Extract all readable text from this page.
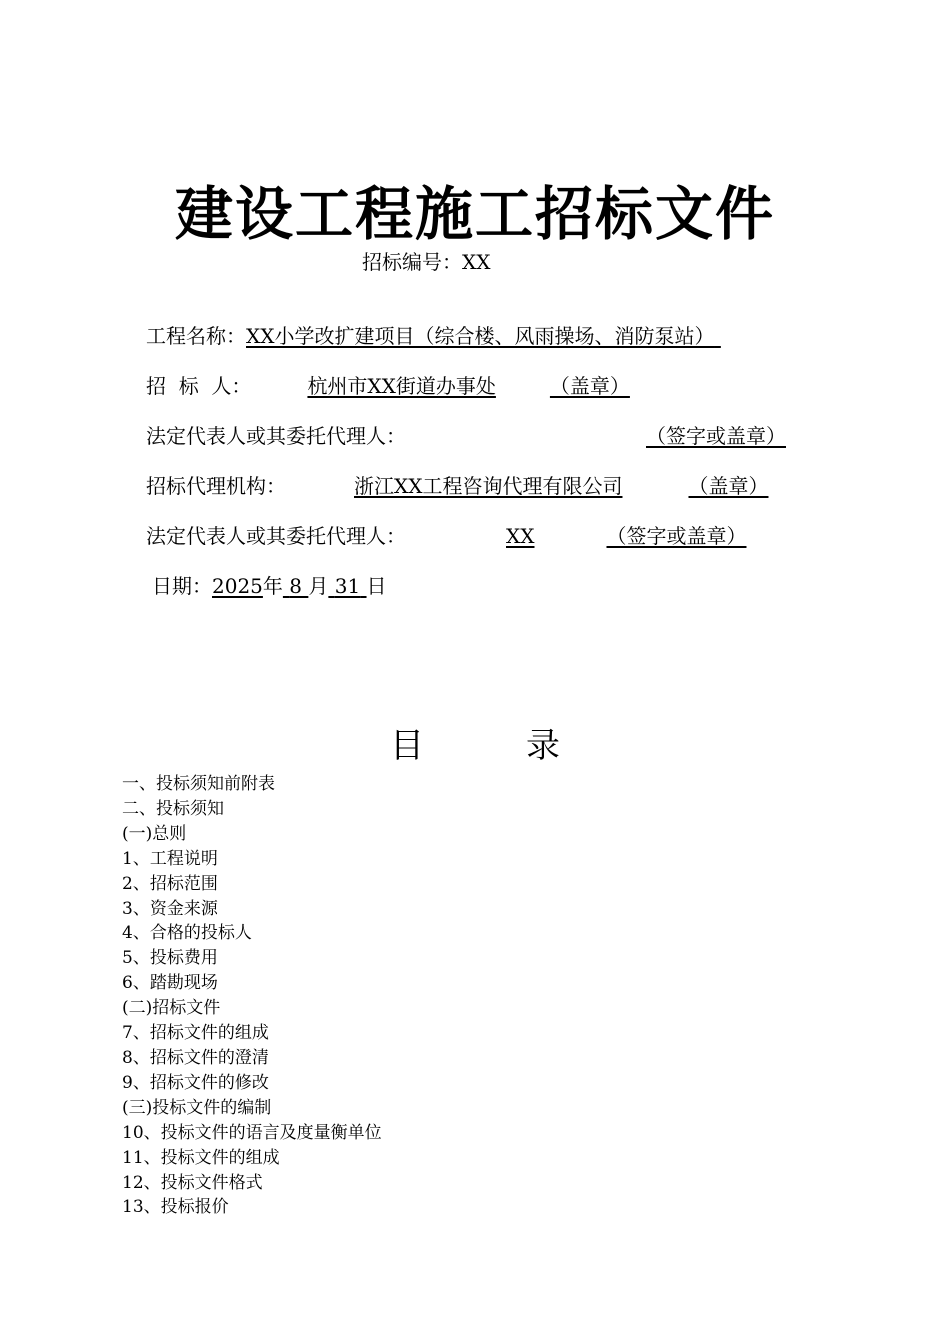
建设工程施工招标文件
招标编号：XX
工程名称：XX小学改扩建项目（综合楼、风雨操场、消防泵站）
招  标  人：	杭州市XX街道办事处	（盖章）
法定代表人或其委托代理人：	（签字或盖章）
招标代理机构：	浙江XX工程咨询代理有限公司	（盖章）
法定代表人或其委托代理人：	XX	（签字或盖章）
日期：2025年 8 月 31 日
目	录
一、投标须知前附表
二、投标须知
(一)总则
1、工程说明
2、招标范围
3、资金来源
4、合格的投标人
5、投标费用
6、踏勘现场
(二)招标文件
7、招标文件的组成
8、招标文件的澄清
9、招标文件的修改
(三)投标文件的编制
10、投标文件的语言及度量衡单位
11、投标文件的组成
12、投标文件格式
13、投标报价
